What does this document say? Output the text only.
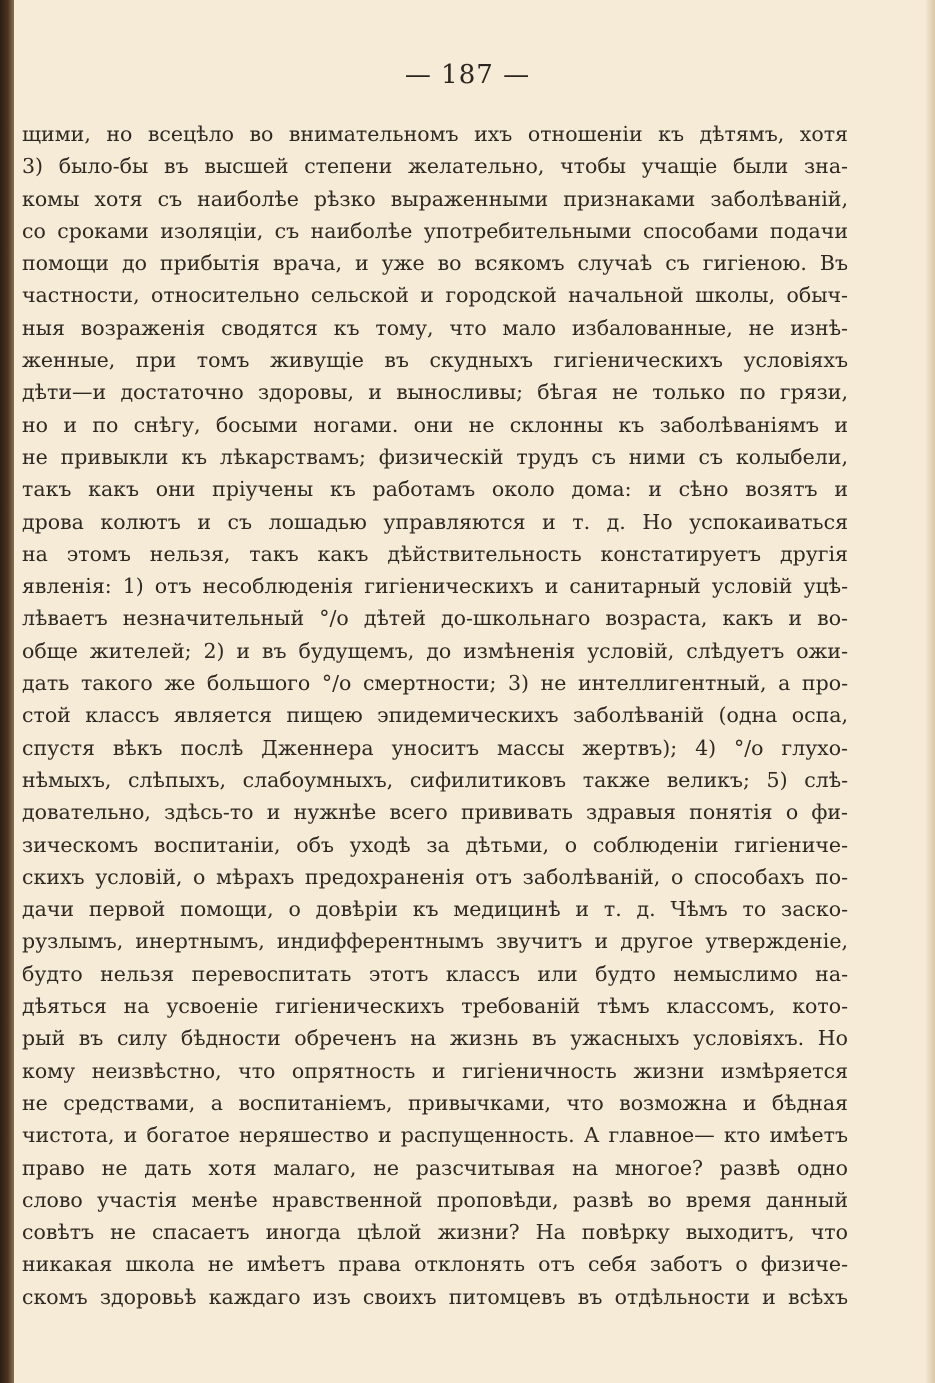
— 187 —
щими, но всецѣло во внимательномъ ихъ отношеніи къ дѣтямъ, хотя
3) было-бы въ высшей степени желательно, чтобы учащіе были зна-
комы хотя съ наиболѣе рѣзко выраженными признаками заболѣваній,
со сроками изоляціи, съ наиболѣе употребительными способами подачи
помощи до прибытія врача, и уже во всякомъ случаѣ съ гигіеною. Въ
частности, относительно сельской и городской начальной школы, обыч-
ныя возраженія сводятся къ тому, что мало избалованные, не изнѣ-
женные, при томъ живущіе въ скудныхъ гигіеническихъ условіяхъ
дѣти—и достаточно здоровы, и выносливы; бѣгая не только по грязи,
но и по снѣгу, босыми ногами. они не склонны къ заболѣваніямъ и
не привыкли къ лѣкарствамъ; физическій трудъ съ ними съ колыбели,
такъ какъ они пріучены къ работамъ около дома: и сѣно возятъ и
дрова колютъ и съ лошадью управляются и т. д. Но успокаиваться
на этомъ нельзя, такъ какъ дѣйствительность констатируетъ другія
явленія: 1) отъ несоблюденія гигіеническихъ и санитарный условій уцѣ-
лѣваетъ незначительный °/о дѣтей до-школьнаго возраста, какъ и во-
обще жителей; 2) и въ будущемъ, до измѣненія условій, слѣдуетъ ожи-
дать такого же большого °/о смертности; 3) не интеллигентный, а про-
стой классъ является пищею эпидемическихъ заболѣваній (одна оспа,
спустя вѣкъ послѣ Дженнера уноситъ массы жертвъ); 4) °/о глухо-
нѣмыхъ, слѣпыхъ, слабоумныхъ, сифилитиковъ также великъ; 5) слѣ-
довательно, здѣсь-то и нужнѣе всего прививать здравыя понятія о фи-
зическомъ воспитаніи, объ уходѣ за дѣтьми, о соблюденіи гигіениче-
скихъ условій, о мѣрахъ предохраненія отъ заболѣваній, о способахъ по-
дачи первой помощи, о довѣріи къ медицинѣ и т. д. Чѣмъ то заско-
рузлымъ, инертнымъ, индифферентнымъ звучитъ и другое утвержденіе,
будто нельзя перевоспитать этотъ классъ или будто немыслимо на-
дѣяться на усвоеніе гигіеническихъ требованій тѣмъ классомъ, кото-
рый въ силу бѣдности обреченъ на жизнь въ ужасныхъ условіяхъ. Но
кому неизвѣстно, что опрятность и гигіеничность жизни измѣряется
не средствами, а воспитаніемъ, привычками, что возможна и бѣдная
чистота, и богатое неряшество и распущенность. А главное— кто имѣетъ
право не дать хотя малаго, не разсчитывая на многое? развѣ одно
слово участія менѣе нравственной проповѣди, развѣ во время данный
совѣтъ не спасаетъ иногда цѣлой жизни? На повѣрку выходитъ, что
никакая школа не имѣетъ права отклонять отъ себя заботъ о физиче-
скомъ здоровьѣ каждаго изъ своихъ питомцевъ въ отдѣльности и всѣхъ
